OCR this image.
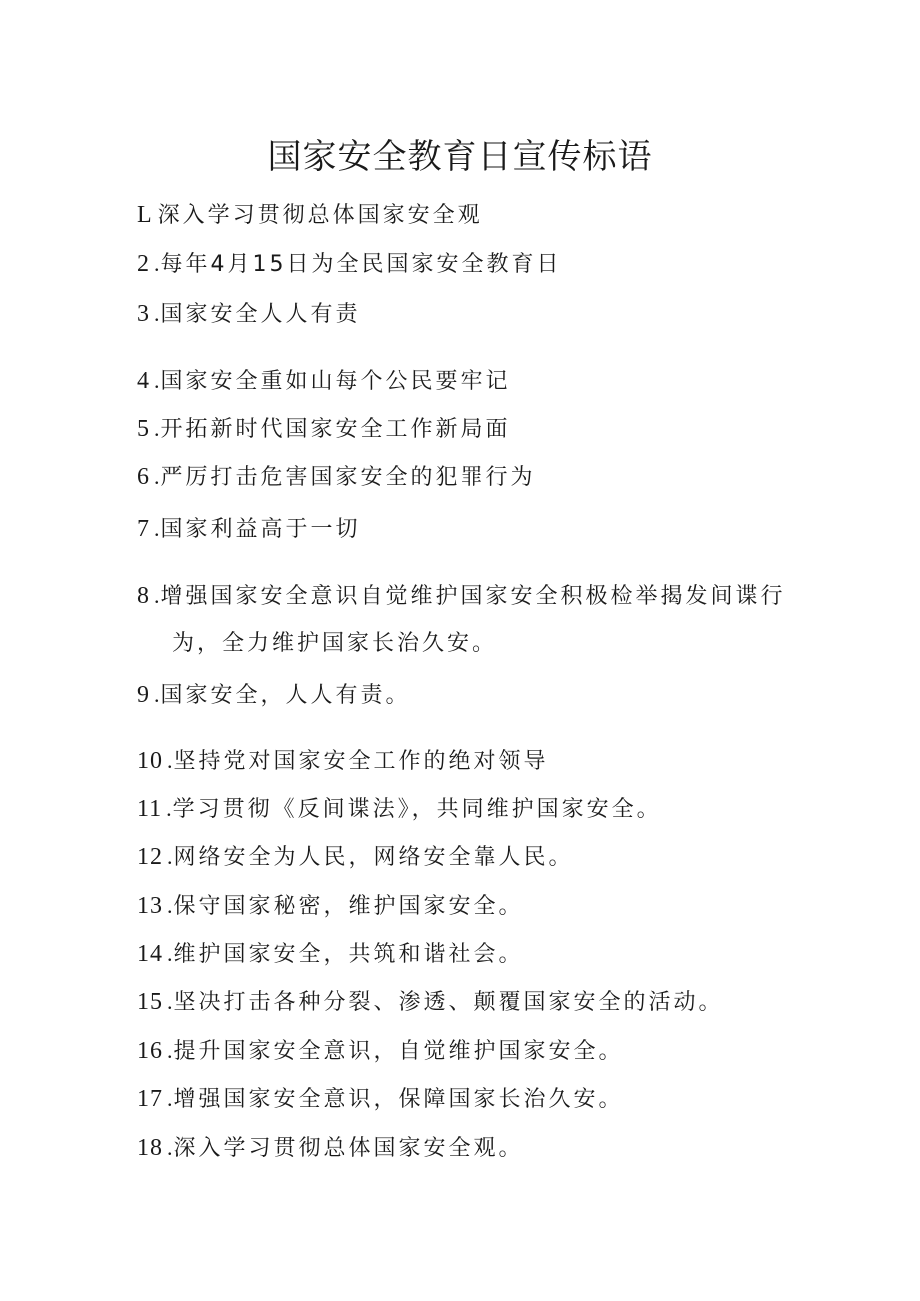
国家安全教育日宣传标语
L 深入学习贯彻总体国家安全观
2 .每年4月15日为全民国家安全教育日
3 .国家安全人人有责
4 .国家安全重如山每个公民要牢记
5 .开拓新时代国家安全工作新局面
6 .严厉打击危害国家安全的犯罪行为
7 .国家利益高于一切
8 .增强国家安全意识自觉维护国家安全积极检举揭发间谍行
为，全力维护国家长治久安。
9 .国家安全，人人有责。
10 .坚持党对国家安全工作的绝对领导
11 .学习贯彻《反间谍法》，共同维护国家安全。
12 .网络安全为人民，网络安全靠人民。
13 .保守国家秘密，维护国家安全。
14 .维护国家安全，共筑和谐社会。
15 .坚决打击各种分裂、渗透、颠覆国家安全的活动。
16 .提升国家安全意识，自觉维护国家安全。
17 .增强国家安全意识，保障国家长治久安。
18 .深入学习贯彻总体国家安全观。
